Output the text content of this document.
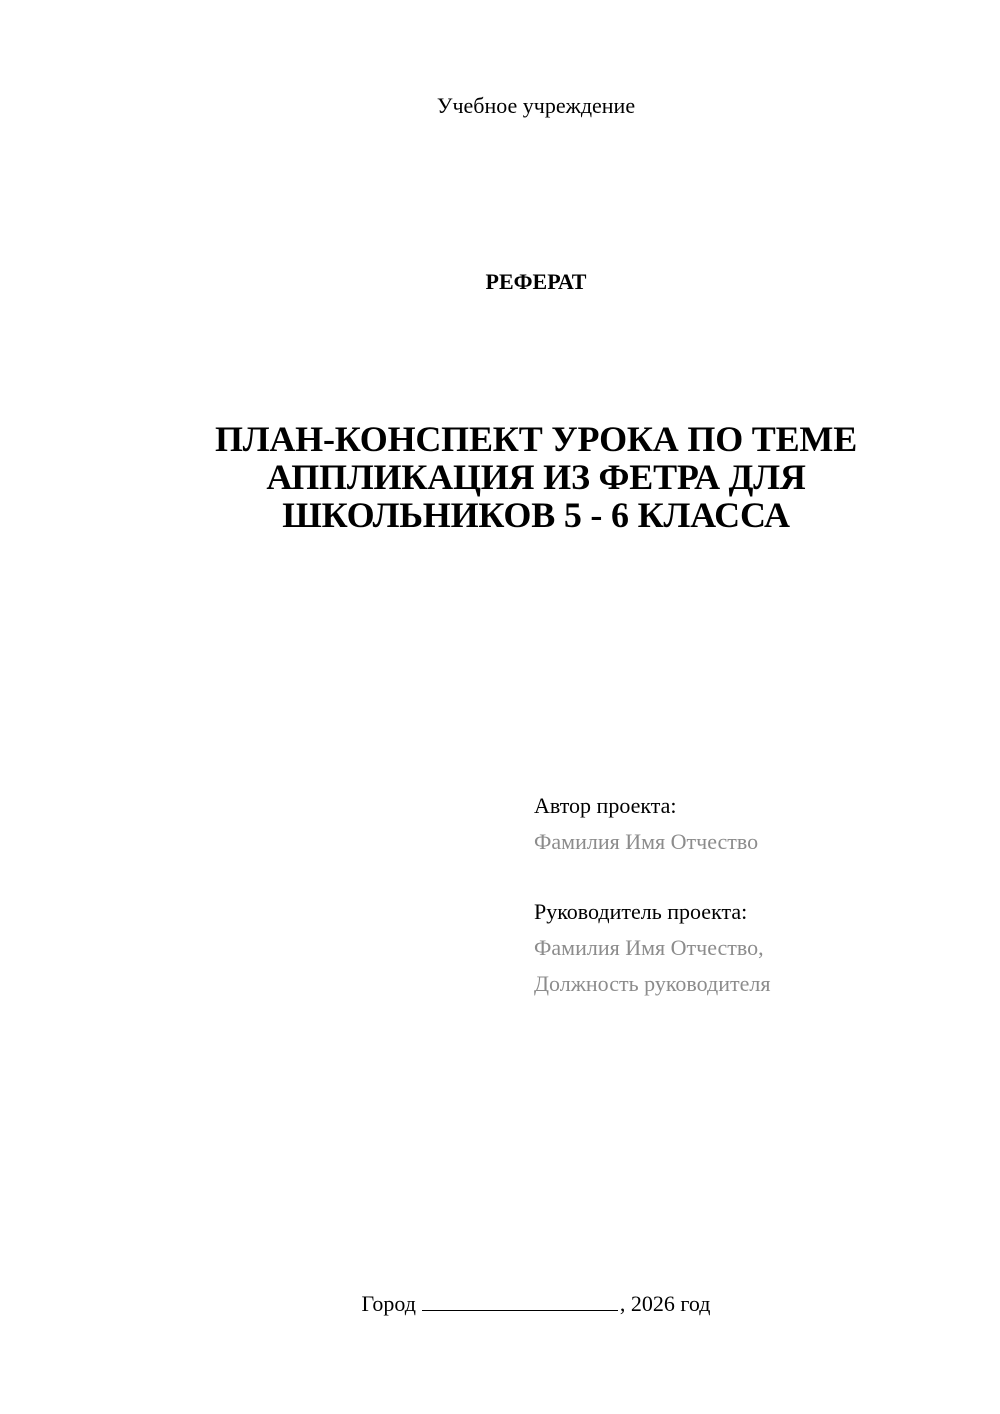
Учебное учреждение
РЕФЕРАТ
ПЛАН-КОНСПЕКТ УРОКА ПО ТЕМЕ
АППЛИКАЦИЯ ИЗ ФЕТРА ДЛЯ
ШКОЛЬНИКОВ 5 - 6 КЛАССА
Автор проекта:
Фамилия Имя Отчество
Руководитель проекта:
Фамилия Имя Отчество,
Должность руководителя
Город	, 2026 год
